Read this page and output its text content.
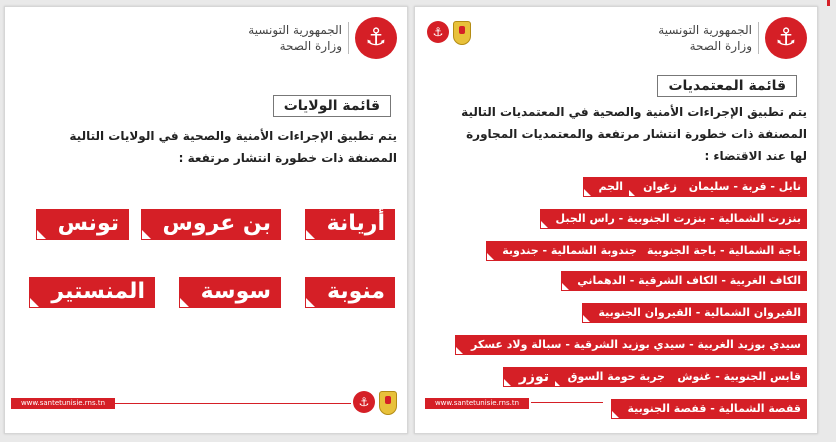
⚓
الجمهورية التونسية
وزارة الصحة
قائمة الولايات
يتم تطبيق الإجراءات الأمنية والصحية في الولايات التالية
المصنفة ذات خطورة انتشار مرتفعة :
أريانة
بن عروس
تونس
منوبة
سوسة
المنستير
www.santetunisie.rns.tn	⚓
⚓
الجمهورية التونسية
وزارة الصحة
⚓
قائمة المعتمديات
يتم تطبيق الإجراءات الأمنية والصحية في المعتمديات التالية
المصنفة ذات خطورة انتشار مرتفعة والمعتمديات المجاورة
لها عند الاقتضاء :
نابل - قربة - سليمان
زغوان
الجم
بنزرت الشمالية - بنزرت الجنوبية - راس الجبل
باجة الشمالية - باجة الجنوبية
جندوبة الشمالية - جندوبة
الكاف الغربية - الكاف الشرقية - الدهماني
القيروان الشمالية - القيروان الجنوبية
سيدي بوزيد الغربية - سيدي بوزيد الشرقية - سبالة ولاد عسكر
قابس الجنوبية - غنوش
جربة حومة السوق
توزر
قفصة الشمالية - قفصة الجنوبية
www.santetunisie.rns.tn
